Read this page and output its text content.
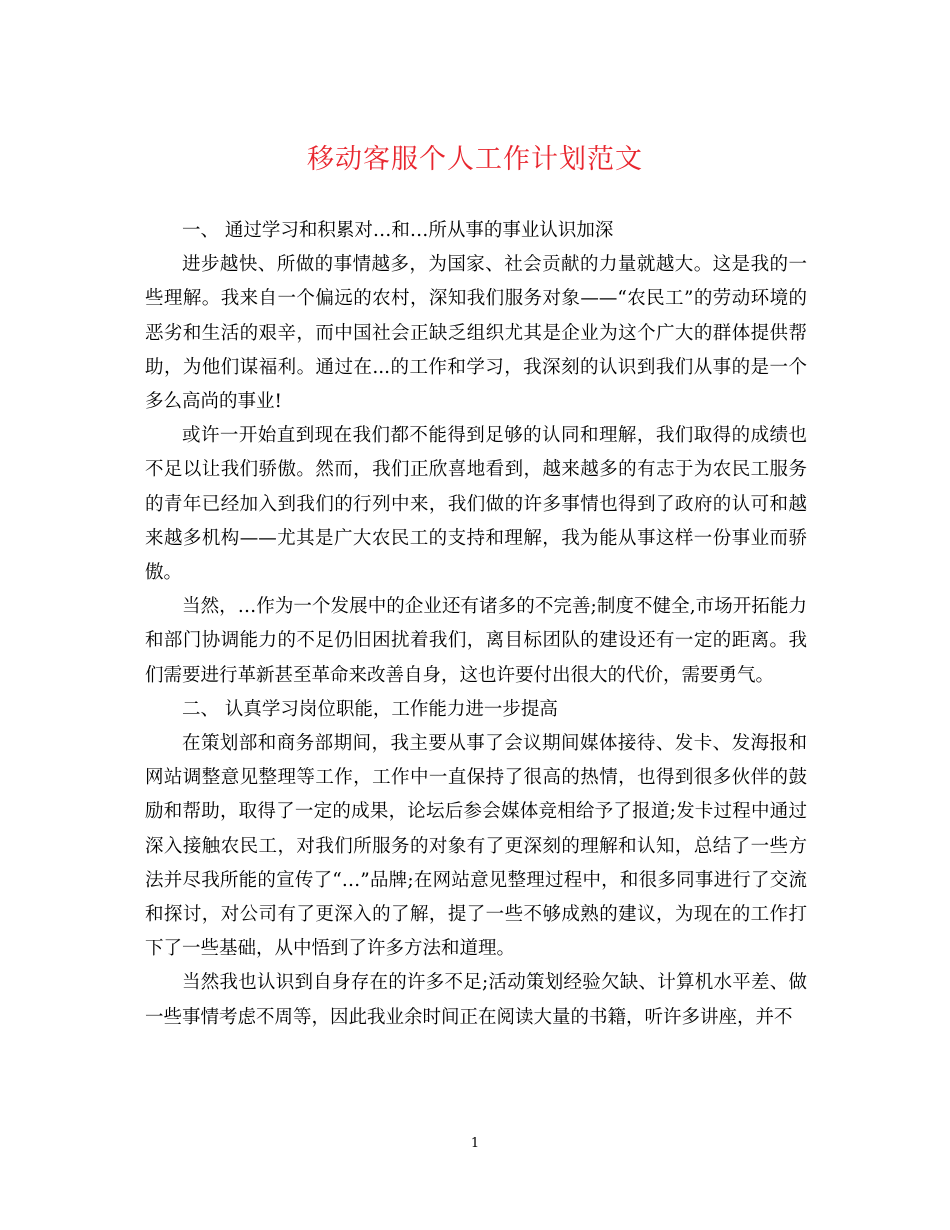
移动客服个人工作计划范文

一、 通过学习和积累对…和…所从事的事业认识加深

进步越快、所做的事情越多，为国家、社会贡献的力量就越大。这是我的一些理解。我来自一个偏远的农村，深知我们服务对象——“农民工”的劳动环境的恶劣和生活的艰辛，而中国社会正缺乏组织尤其是企业为这个广大的群体提供帮助，为他们谋福利。通过在...的工作和学习，我深刻的认识到我们从事的是一个多么高尚的事业!

或许一开始直到现在我们都不能得到足够的认同和理解，我们取得的成绩也不足以让我们骄傲。然而，我们正欣喜地看到，越来越多的有志于为农民工服务的青年已经加入到我们的行列中来，我们做的许多事情也得到了政府的认可和越来越多机构——尤其是广大农民工的支持和理解，我为能从事这样一份事业而骄傲。

当然，…作为一个发展中的企业还有诸多的不完善;制度不健全,市场开拓能力和部门协调能力的不足仍旧困扰着我们，离目标团队的建设还有一定的距离。我们需要进行革新甚至革命来改善自身，这也许要付出很大的代价，需要勇气。

二、 认真学习岗位职能，工作能力进一步提高

在策划部和商务部期间，我主要从事了会议期间媒体接待、发卡、发海报和网站调整意见整理等工作，工作中一直保持了很高的热情，也得到很多伙伴的鼓励和帮助，取得了一定的成果，论坛后参会媒体竞相给予了报道;发卡过程中通过深入接触农民工，对我们所服务的对象有了更深刻的理解和认知，总结了一些方法并尽我所能的宣传了“…”品牌;在网站意见整理过程中，和很多同事进行了交流和探讨，对公司有了更深入的了解，提了一些不够成熟的建议，为现在的工作打下了一些基础，从中悟到了许多方法和道理。

当然我也认识到自身存在的许多不足;活动策划经验欠缺、计算机水平差、做一些事情考虑不周等，因此我业余时间正在阅读大量的书籍，听许多讲座，并不

1
